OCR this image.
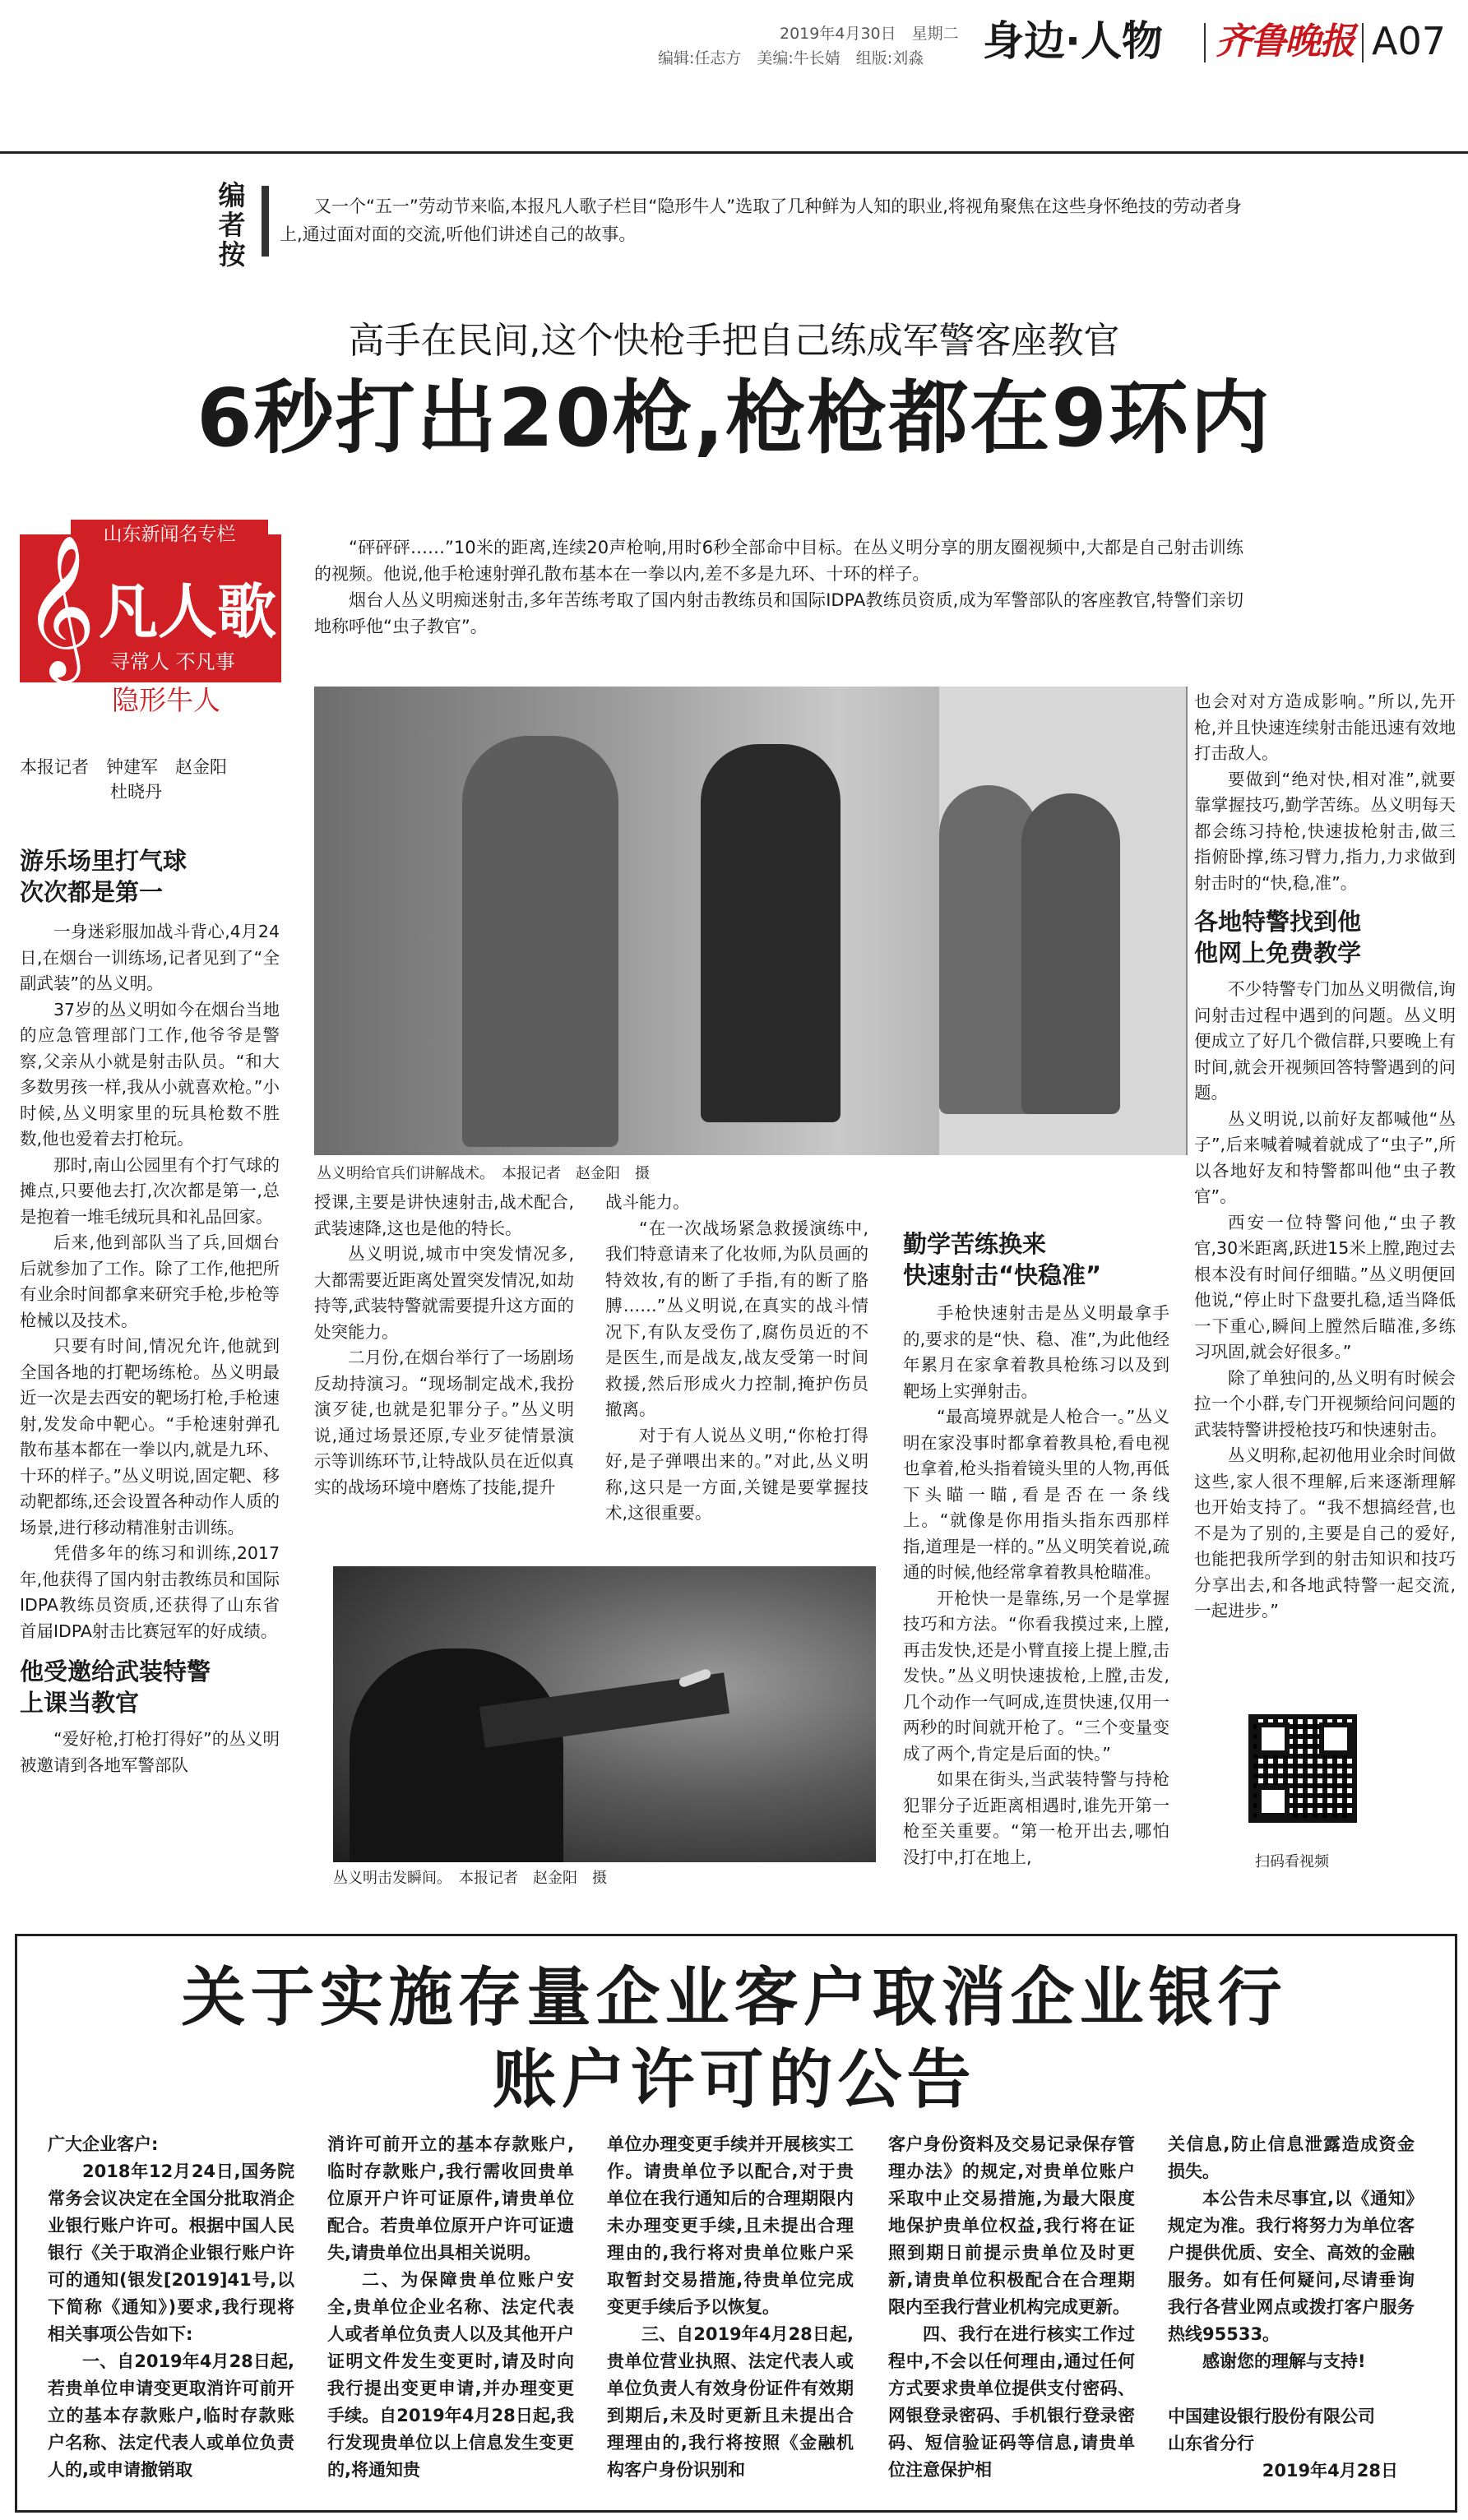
2019年4月30日　 星期二
编辑:任志方　美编:牛长婧　组版:刘淼 身边·人物 齐鲁晚报 A07
编
者
按
又一个“五一”劳动节来临,本报凡人歌子栏目“隐形牛人”选取了几种鲜为人知的职业,将视角聚焦在这些身怀绝技的劳动者身上,通过面对面的交流,听他们讲述自己的故事。
高手在民间,这个快枪手把自己练成军警客座教官
6秒打出20枪,枪枪都在9环内
山东新闻名专栏
𝄞 凡人歌
寻常人 不凡事
隐形牛人

“砰砰砰……”10米的距离,连续20声枪响,用时6秒全部命中目标。在丛义明分享的朋友圈视频中,大都是自己射击训练的视频。他说,他手枪速射弹孔散布基本在一拳以内,差不多是九环、十环的样子。

烟台人丛义明痴迷射击,多年苦练考取了国内射击教练员和国际IDPA教练员资质,成为军警部队的客座教官,特警们亲切地称呼他“虫子教官”。

丛义明给官兵们讲解战术。　本报记者　赵金阳　摄
本报记者　钟建军　赵金阳
杜晓丹
游乐场里打气球
次次都是第一

一身迷彩服加战斗背心,4月24日,在烟台一训练场,记者见到了“全副武装”的丛义明。

37岁的丛义明如今在烟台当地的应急管理部门工作,他爷爷是警察,父亲从小就是射击队员。“和大多数男孩一样,我从小就喜欢枪。”小时候,丛义明家里的玩具枪数不胜数,他也爱着去打枪玩。

那时,南山公园里有个打气球的摊点,只要他去打,次次都是第一,总是抱着一堆毛绒玩具和礼品回家。

后来,他到部队当了兵,回烟台后就参加了工作。除了工作,他把所有业余时间都拿来研究手枪,步枪等枪械以及技术。

只要有时间,情况允许,他就到全国各地的打靶场练枪。丛义明最近一次是去西安的靶场打枪,手枪速射,发发命中靶心。“手枪速射弹孔散布基本都在一拳以内,就是九环、十环的样子。”丛义明说,固定靶、移动靶都练,还会设置各种动作人质的场景,进行移动精准射击训练。

凭借多年的练习和训练,2017年,他获得了国内射击教练员和国际IDPA教练员资质,还获得了山东省首届IDPA射击比赛冠军的好成绩。

他受邀给武装特警
上课当教官

“爱好枪,打枪打得好”的丛义明被邀请到各地军警部队

授课,主要是讲快速射击,战术配合,武装速降,这也是他的特长。

丛义明说,城市中突发情况多,大都需要近距离处置突发情况,如劫持等,武装特警就需要提升这方面的处突能力。

二月份,在烟台举行了一场剧场反劫持演习。“现场制定战术,我扮演歹徒,也就是犯罪分子。”丛义明说,通过场景还原,专业歹徒情景演示等训练环节,让特战队员在近似真实的战场环境中磨炼了技能,提升

战斗能力。

“在一次战场紧急救援演练中,我们特意请来了化妆师,为队员画的特效妆,有的断了手指,有的断了胳膊……”丛义明说,在真实的战斗情况下,有队友受伤了,腐伤员近的不是医生,而是战友,战友受第一时间救援,然后形成火力控制,掩护伤员撤离。

对于有人说丛义明,“你枪打得好,是子弹喂出来的。”对此,丛义明称,这只是一方面,关键是要掌握技术,这很重要。

丛义明击发瞬间。　本报记者　赵金阳　摄
勤学苦练换来
快速射击“快稳准”

手枪快速射击是丛义明最拿手的,要求的是“快、稳、准”,为此他经年累月在家拿着教具枪练习以及到靶场上实弹射击。

“最高境界就是人枪合一。”丛义明在家没事时都拿着教具枪,看电视也拿着,枪头指着镜头里的人物,再低下头瞄一瞄,看是否在一条线上。“就像是你用指头指东西那样指,道理是一样的。”丛义明笑着说,疏通的时候,他经常拿着教具枪瞄准。

开枪快一是靠练,另一个是掌握技巧和方法。“你看我摸过来,上膛,再击发快,还是小臂直接上提上膛,击发快。”丛义明快速拔枪,上膛,击发,几个动作一气呵成,连贯快速,仅用一两秒的时间就开枪了。“三个变量变成了两个,肯定是后面的快。”

如果在街头,当武装特警与持枪犯罪分子近距离相遇时,谁先开第一枪至关重要。“第一枪开出去,哪怕没打中,打在地上,

也会对对方造成影响。”所以,先开枪,并且快速连续射击能迅速有效地打击敌人。

要做到“绝对快,相对准”,就要靠掌握技巧,勤学苦练。丛义明每天都会练习持枪,快速拔枪射击,做三指俯卧撑,练习臂力,指力,力求做到射击时的“快,稳,准”。

各地特警找到他
他网上免费教学

不少特警专门加丛义明微信,询问射击过程中遇到的问题。丛义明便成立了好几个微信群,只要晚上有时间,就会开视频回答特警遇到的问题。

丛义明说,以前好友都喊他“丛子”,后来喊着喊着就成了“虫子”,所以各地好友和特警都叫他“虫子教官”。

西安一位特警问他,“虫子教官,30米距离,跃进15米上膛,跑过去根本没有时间仔细瞄。”丛义明便回他说,“停止时下盘要扎稳,适当降低一下重心,瞬间上膛然后瞄准,多练习巩固,就会好很多。”

除了单独问的,丛义明有时候会拉一个小群,专门开视频给问问题的武装特警讲授枪技巧和快速射击。

丛义明称,起初他用业余时间做这些,家人很不理解,后来逐渐理解也开始支持了。“我不想搞经营,也不是为了别的,主要是自己的爱好,也能把我所学到的射击知识和技巧分享出去,和各地武特警一起交流,一起进步。”

扫码看视频
关于实施存量企业客户取消企业银行
账户许可的公告

广大企业客户:

2018年12月24日,国务院常务会议决定在全国分批取消企业银行账户许可。根据中国人民银行《关于取消企业银行账户许可的通知(银发[2019]41号,以下简称《通知》)要求,我行现将相关事项公告如下:

一、自2019年4月28日起,若贵单位申请变更取消许可前开立的基本存款账户,临时存款账户名称、法定代表人或单位负责人的,或申请撤销取

消许可前开立的基本存款账户,临时存款账户,我行需收回贵单位原开户许可证原件,请贵单位配合。若贵单位原开户许可证遗失,请贵单位出具相关说明。

二、为保障贵单位账户安全,贵单位企业名称、法定代表人或者单位负责人以及其他开户证明文件发生变更时,请及时向我行提出变更申请,并办理变更手续。自2019年4月28日起,我行发现贵单位以上信息发生变更的,将通知贵

单位办理变更手续并开展核实工作。请贵单位予以配合,对于贵单位在我行通知后的合理期限内未办理变更手续,且未提出合理理由的,我行将对贵单位账户采取暂封交易措施,待贵单位完成变更手续后予以恢复。

三、自2019年4月28日起,贵单位营业执照、法定代表人或单位负责人有效身份证件有效期到期后,未及时更新且未提出合理理由的,我行将按照《金融机构客户身份识别和

客户身份资料及交易记录保存管理办法》的规定,对贵单位账户采取中止交易措施,为最大限度地保护贵单位权益,我行将在证照到期日前提示贵单位及时更新,请贵单位积极配合在合理期限内至我行营业机构完成更新。

四、我行在进行核实工作过程中,不会以任何理由,通过任何方式要求贵单位提供支付密码、网银登录密码、手机银行登录密码、短信验证码等信息,请贵单位注意保护相

关信息,防止信息泄露造成资金损失。

本公告未尽事宜,以《通知》规定为准。我行将努力为单位客户提供优质、安全、高效的金融服务。如有任何疑问,尽请垂询我行各营业网点或拨打客户服务热线95533。

感谢您的理解与支持!

中国建设银行股份有限公司

山东省分行

2019年4月28日
